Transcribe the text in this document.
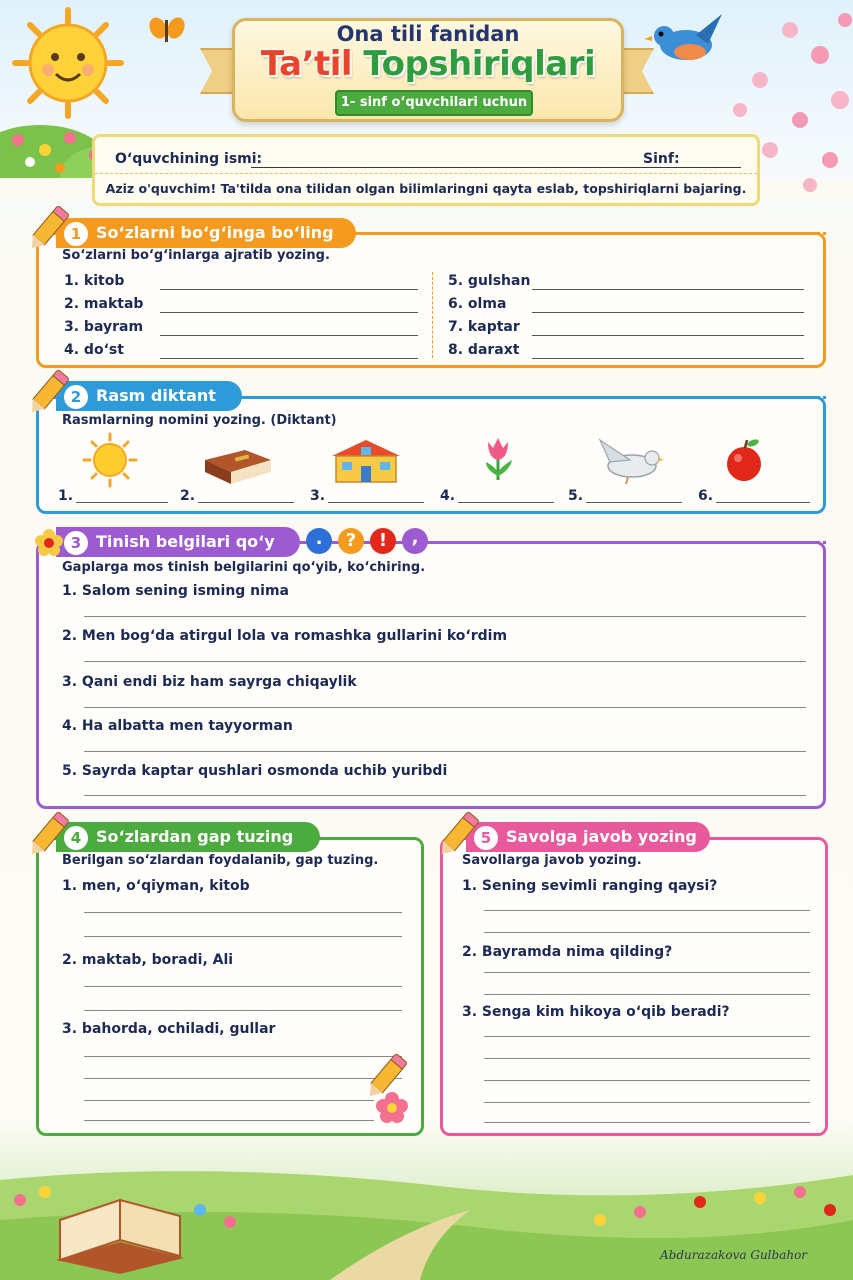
Ona tili fanidan
Ta’til Topshiriqlari
1- sinf o‘quvchilari uchun
O‘quvchining ismi:	Sinf:
Aziz o'quvchim! Ta'tilda ona tilidan olgan bilimlaringni qayta eslab, topshiriqlarni bajaring.
1 So‘zlarni bo‘g‘inga bo‘ling
So‘zlarni bo‘g‘inlarga ajratib yozing.
1. kitob
2. maktab
3. bayram
4. do‘st
5. gulshan
6. olma
7. kaptar
8. daraxt
2 Rasm diktant
Rasmlarning nomini yozing. (Diktant)
1.	2.	3.	4.	5.	6.
3 Tinish belgilari qo‘y	.	?	!	,
Gaplarga mos tinish belgilarini qo‘yib, ko‘chiring.
1. Salom sening isming nima
2. Men bog‘da atirgul lola va romashka gullarini ko‘rdim
3. Qani endi biz ham sayrga chiqaylik
4. Ha albatta men tayyorman
5. Sayrda kaptar qushlari osmonda uchib yuribdi
4 So‘zlardan gap tuzing
Berilgan so‘zlardan foydalanib, gap tuzing.
1. men, o‘qiyman, kitob
2. maktab, boradi, Ali
3. bahorda, ochiladi, gullar
5 Savolga javob yozing
Savollarga javob yozing.
1. Sening sevimli ranging qaysi?
2. Bayramda nima qilding?
3. Senga kim hikoya o‘qib beradi?
Abdurazakova Gulbahor
